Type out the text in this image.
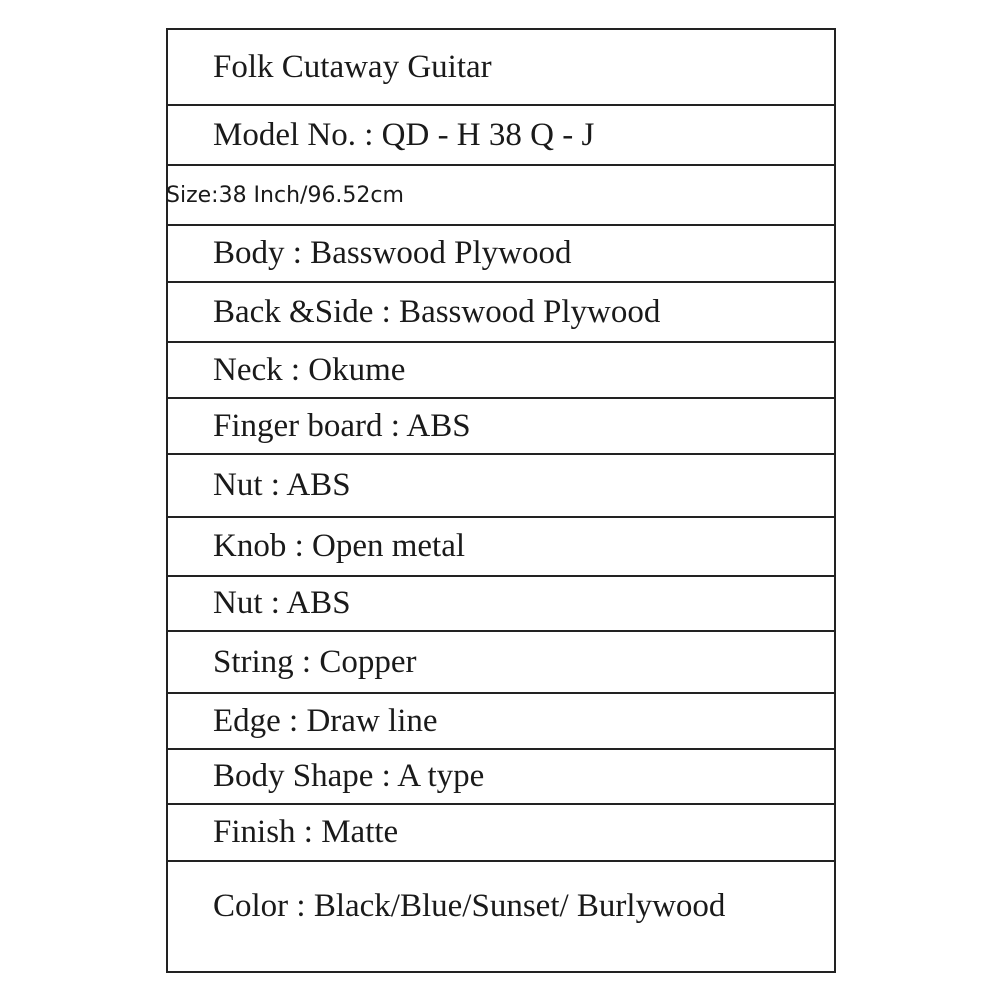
Folk Cutaway Guitar
Model No. : QD - H 38 Q - J
Size:38 Inch/96.52cm
Body : Basswood Plywood
Back &Side : Basswood Plywood
Neck : Okume
Finger board : ABS
Nut : ABS
Knob : Open metal
Nut : ABS
String : Copper
Edge : Draw line
Body Shape : A type
Finish : Matte
Color : Black/Blue/Sunset/ Burlywood
